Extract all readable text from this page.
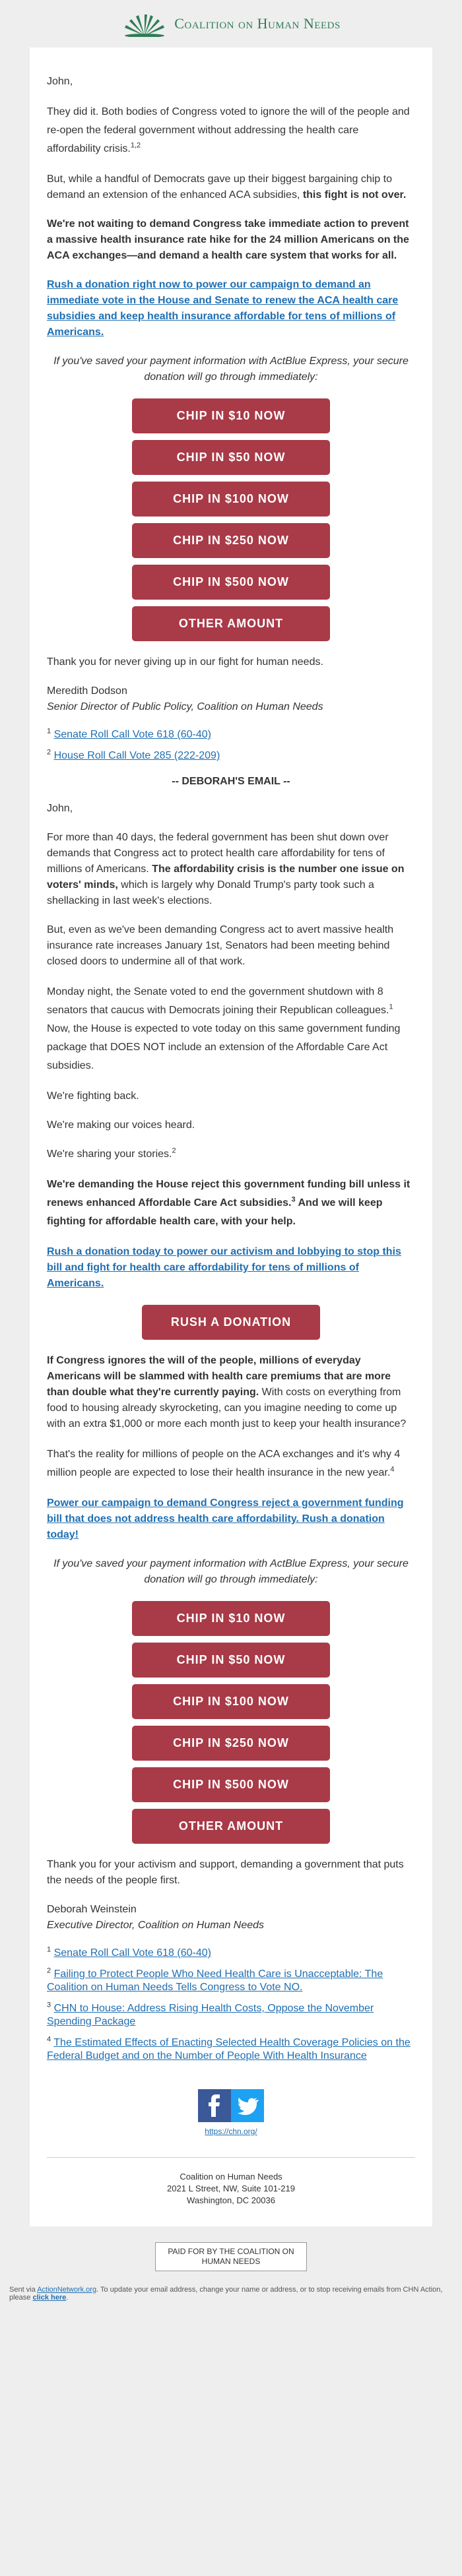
Coalition on Human Needs

John,

They did it. Both bodies of Congress voted to ignore the will of the people and re-open the federal government without addressing the health care affordability crisis.$^{1,2}$

But, while a handful of Democrats gave up their biggest bargaining chip to demand an extension of the enhanced ACA subsidies, this fight is not over.

We're not waiting to demand Congress take immediate action to prevent a massive health insurance rate hike for the 24 million Americans on the ACA exchanges—and demand a health care system that works for all.

Rush a donation right now to power our campaign to demand an immediate vote in the House and Senate to renew the ACA health care subsidies and keep health insurance affordable for tens of millions of Americans.

If you've saved your payment information with ActBlue Express, your secure donation will go through immediately:

CHIP IN $10 NOW
CHIP IN $50 NOW
CHIP IN $100 NOW
CHIP IN $250 NOW
CHIP IN $500 NOW
OTHER AMOUNT

Thank you for never giving up in our fight for human needs.

Meredith Dodson
Senior Director of Public Policy, Coalition on Human Needs

$^1$ Senate Roll Call Vote 618 (60-40)
$^2$ House Roll Call Vote 285 (222-209)
-- DEBORAH'S EMAIL --

John,

For more than 40 days, the federal government has been shut down over demands that Congress act to protect health care affordability for tens of millions of Americans. The affordability crisis is the number one issue on voters' minds, which is largely why Donald Trump's party took such a shellacking in last week's elections.

But, even as we've been demanding Congress act to avert massive health insurance rate increases January 1st, Senators had been meeting behind closed doors to undermine all of that work.

Monday night, the Senate voted to end the government shutdown with 8 senators that caucus with Democrats joining their Republican colleagues.$^1$ Now, the House is expected to vote today on this same government funding package that DOES NOT include an extension of the Affordable Care Act subsidies.

We're fighting back.

We're making our voices heard.

We're sharing your stories.$^2$

We're demanding the House reject this government funding bill unless it renews enhanced Affordable Care Act subsidies.$^3$ And we will keep fighting for affordable health care, with your help.

Rush a donation today to power our activism and lobbying to stop this bill and fight for health care affordability for tens of millions of Americans.

RUSH A DONATION

If Congress ignores the will of the people, millions of everyday Americans will be slammed with health care premiums that are more than double what they're currently paying. With costs on everything from food to housing already skyrocketing, can you imagine needing to come up with an extra $1,000 or more each month just to keep your health insurance?

That's the reality for millions of people on the ACA exchanges and it's why 4 million people are expected to lose their health insurance in the new year.$^4$

Power our campaign to demand Congress reject a government funding bill that does not address health care affordability. Rush a donation today!

If you've saved your payment information with ActBlue Express, your secure donation will go through immediately:

CHIP IN $10 NOW
CHIP IN $50 NOW
CHIP IN $100 NOW
CHIP IN $250 NOW
CHIP IN $500 NOW
OTHER AMOUNT

Thank you for your activism and support, demanding a government that puts the needs of the people first.

Deborah Weinstein
Executive Director, Coalition on Human Needs

$^1$ Senate Roll Call Vote 618 (60-40)
$^2$ Failing to Protect People Who Need Health Care is Unacceptable: The Coalition on Human Needs Tells Congress to Vote NO.
$^3$ CHN to House: Address Rising Health Costs, Oppose the November Spending Package
$^4$ The Estimated Effects of Enacting Selected Health Coverage Policies on the Federal Budget and on the Number of People With Health Insurance
https://chn.org/
Coalition on Human Needs
2021 L Street, NW, Suite 101-219
Washington, DC 20036
PAID FOR BY THE COALITION ON HUMAN NEEDS
Sent via ActionNetwork.org. To update your email address, change your name or address, or to stop receiving emails from CHN Action, please click here.
